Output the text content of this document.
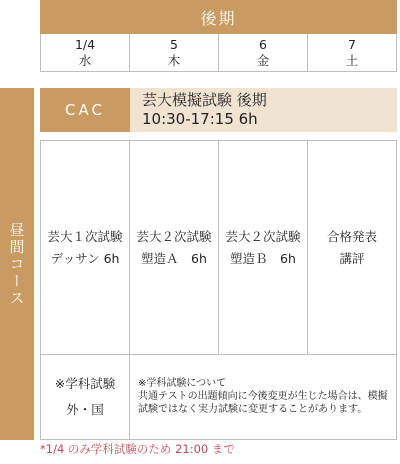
後期
1/4
水
5
木
6
金
7
土
昼間コース
CAC
芸大模擬試験 後期
10:30-17:15 6h
芸大１次試験
デッサン 6h
芸大２次試験
塑造Ａ　6h
芸大２次試験
塑造Ｂ　6h
合格発表
講評
※学科試験
外・国
※学科試験について
共通テストの出題傾向に今後変更が生じた場合は、模擬
試験ではなく実力試験に変更することがあります。
*1/4 のみ学科試験のため 21:00 まで
